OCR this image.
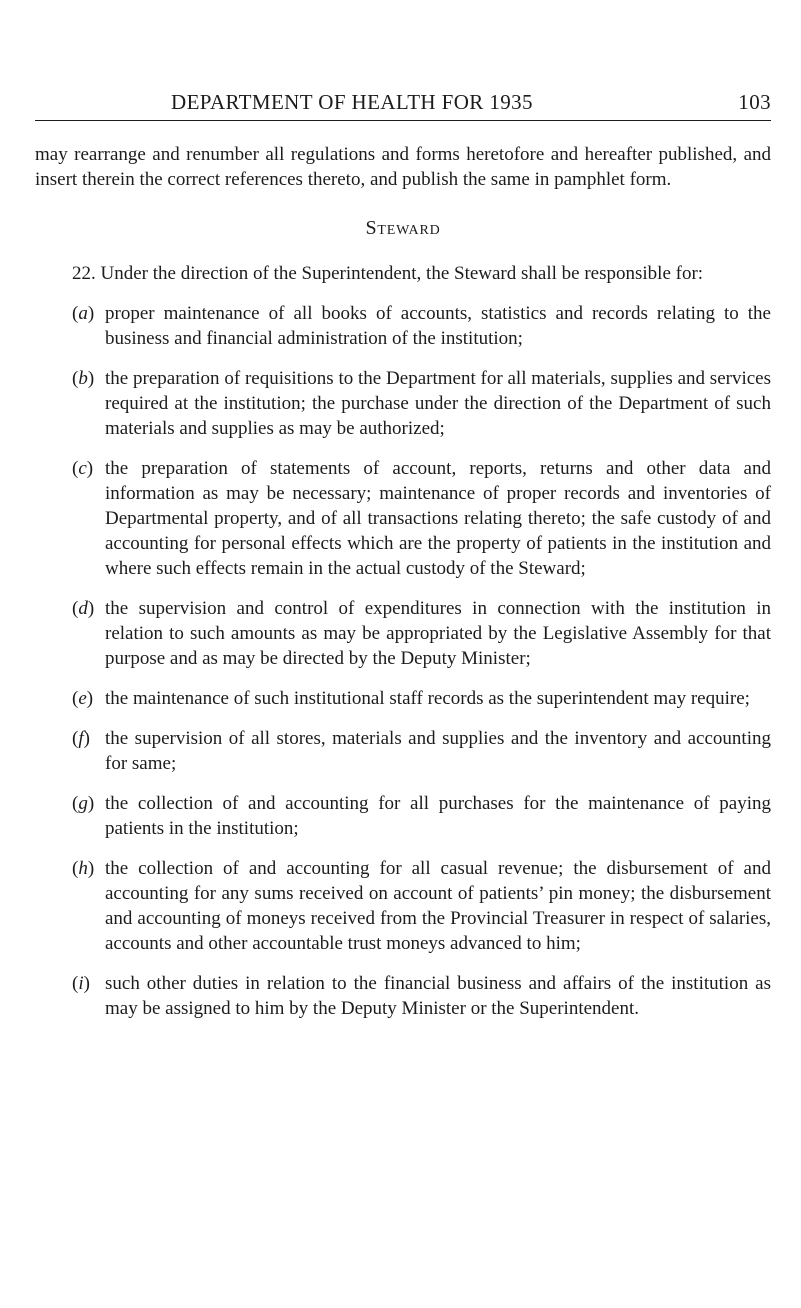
DEPARTMENT OF HEALTH FOR 1935	103

may rearrange and renumber all regulations and forms heretofore and hereafter published, and insert therein the correct references thereto, and publish the same in pamphlet form.

Steward

22. Under the direction of the Superintendent, the Steward shall be responsible for:

(a) proper maintenance of all books of accounts, statistics and records relating to the business and financial administration of the institution;
(b) the preparation of requisitions to the Department for all materials, supplies and services required at the institution; the purchase under the direction of the Department of such materials and supplies as may be authorized;
(c) the preparation of statements of account, reports, returns and other data and information as may be necessary; maintenance of proper records and inventories of Departmental property, and of all transactions relating thereto; the safe custody of and accounting for personal effects which are the property of patients in the institution and where such effects remain in the actual custody of the Steward;
(d) the supervision and control of expenditures in connection with the institution in relation to such amounts as may be appropriated by the Legislative Assembly for that purpose and as may be directed by the Deputy Minister;
(e) the maintenance of such institutional staff records as the superintendent may require;
(f) the supervision of all stores, materials and supplies and the inventory and accounting for same;
(g) the collection of and accounting for all purchases for the maintenance of paying patients in the institution;
(h) the collection of and accounting for all casual revenue; the disbursement of and accounting for any sums received on account of patients’ pin money; the disbursement and accounting of moneys received from the Provincial Treasurer in respect of salaries, accounts and other accountable trust moneys advanced to him;
(i) such other duties in relation to the financial business and affairs of the institution as may be assigned to him by the Deputy Minister or the Superintendent.
